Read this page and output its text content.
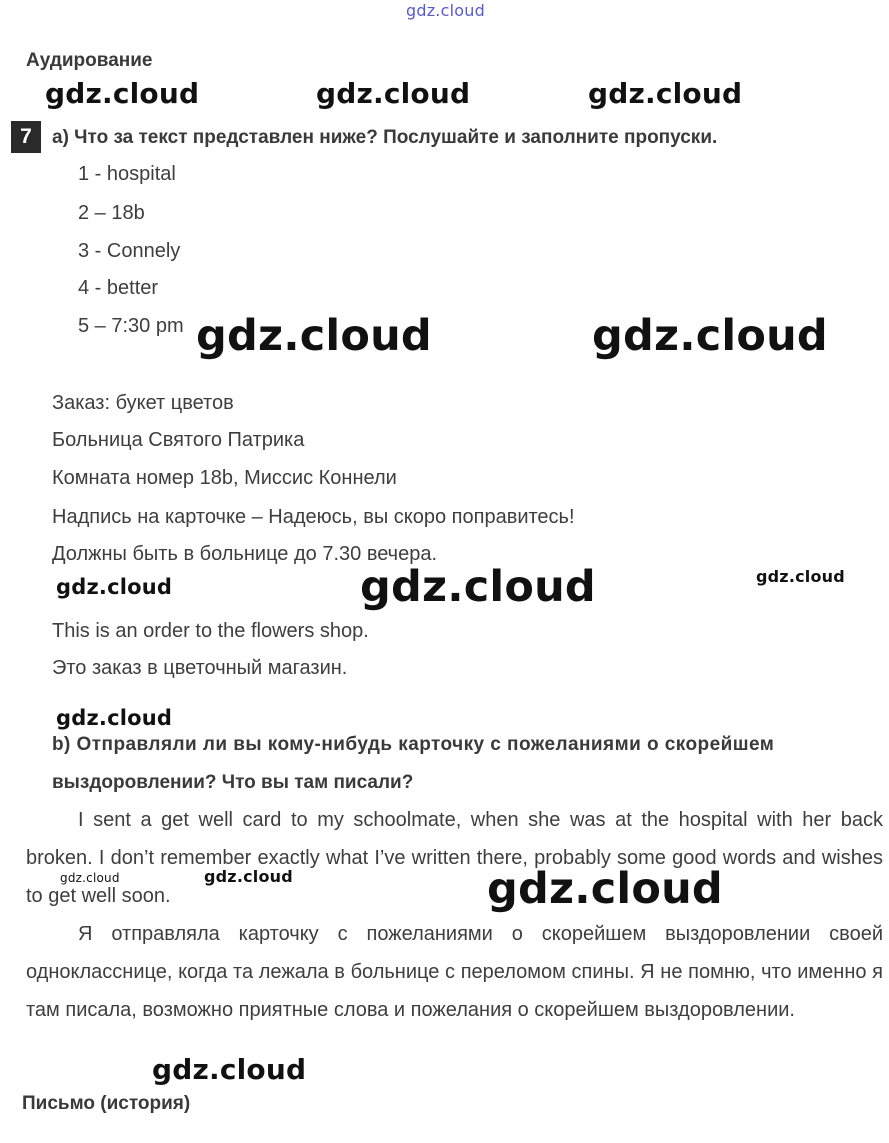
gdz.cloud
Аудирование
gdz.cloud	gdz.cloud	gdz.cloud
7	a) Что за текст представлен ниже? Послушайте и заполните пропуски.
1 - hospital
2 – 18b
3 - Connely
4 - better
5 – 7:30 pm gdz.cloud	gdz.cloud
Заказ: букет цветов
Больница Святого Патрика
Комната номер 18b, Миссис Коннели
Надпись на карточке – Надеюсь, вы скоро поправитесь!
Должны быть в больнице до 7.30 вечера.
gdz.cloud	gdz.cloud	gdz.cloud
This is an order to the flowers shop.
Это заказ в цветочный магазин.
gdz.cloud
b) Отправляли ли вы кому-нибудь карточку с пожеланиями о скорейшем
выздоровлении? Что вы там писали?

I sent a get well card to my schoolmate, when she was at the hospital with her back broken. I don’t remember exactly what I’ve written there, probably some good words and wishes to get well soon.

Я отправляла карточку с пожеланиями о скорейшем выздоровлении своей однокласснице, когда та лежала в больнице с переломом спины. Я не помню, что именно я там писала, возможно приятные слова и пожелания о скорейшем выздоровлении.

gdz.cloud	gdz.cloud	gdz.cloud
gdz.cloud
Письмо (история)
